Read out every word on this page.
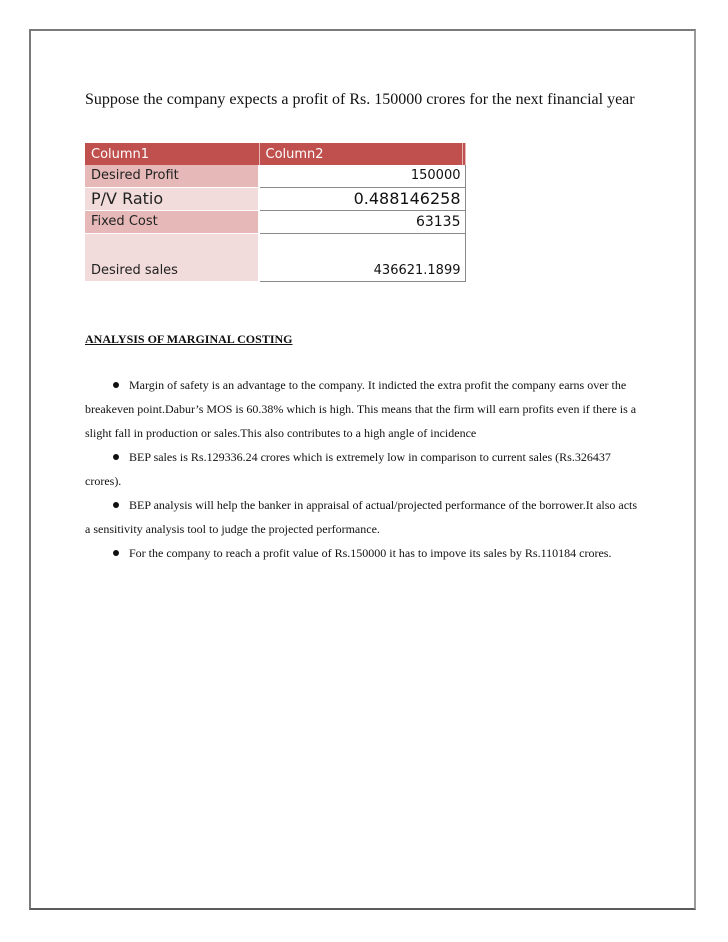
Suppose the company expects a profit of Rs. 150000 crores for the next financial year

Column1	Column2	
Desired Profit	150000	
P/V Ratio	0.488146258	
Fixed Cost	63135	
Desired sales	436621.1899	

ANALYSIS OF MARGINAL COSTING

Margin of safety is an advantage to the company. It indicted the extra profit the company earns over the breakeven point.Dabur’s MOS is 60.38% which is high. This means that the firm will earn profits even if there is a slight fall in production or sales.This also contributes to a high angle of incidence

BEP sales is Rs.129336.24 crores which is extremely low in comparison to current sales (Rs.326437 crores).

BEP analysis will help the banker in appraisal of actual/projected performance of the borrower.It also acts a sensitivity analysis tool to judge the projected performance.

For the company to reach a profit value of Rs.150000 it has to impove its sales by Rs.110184 crores.
